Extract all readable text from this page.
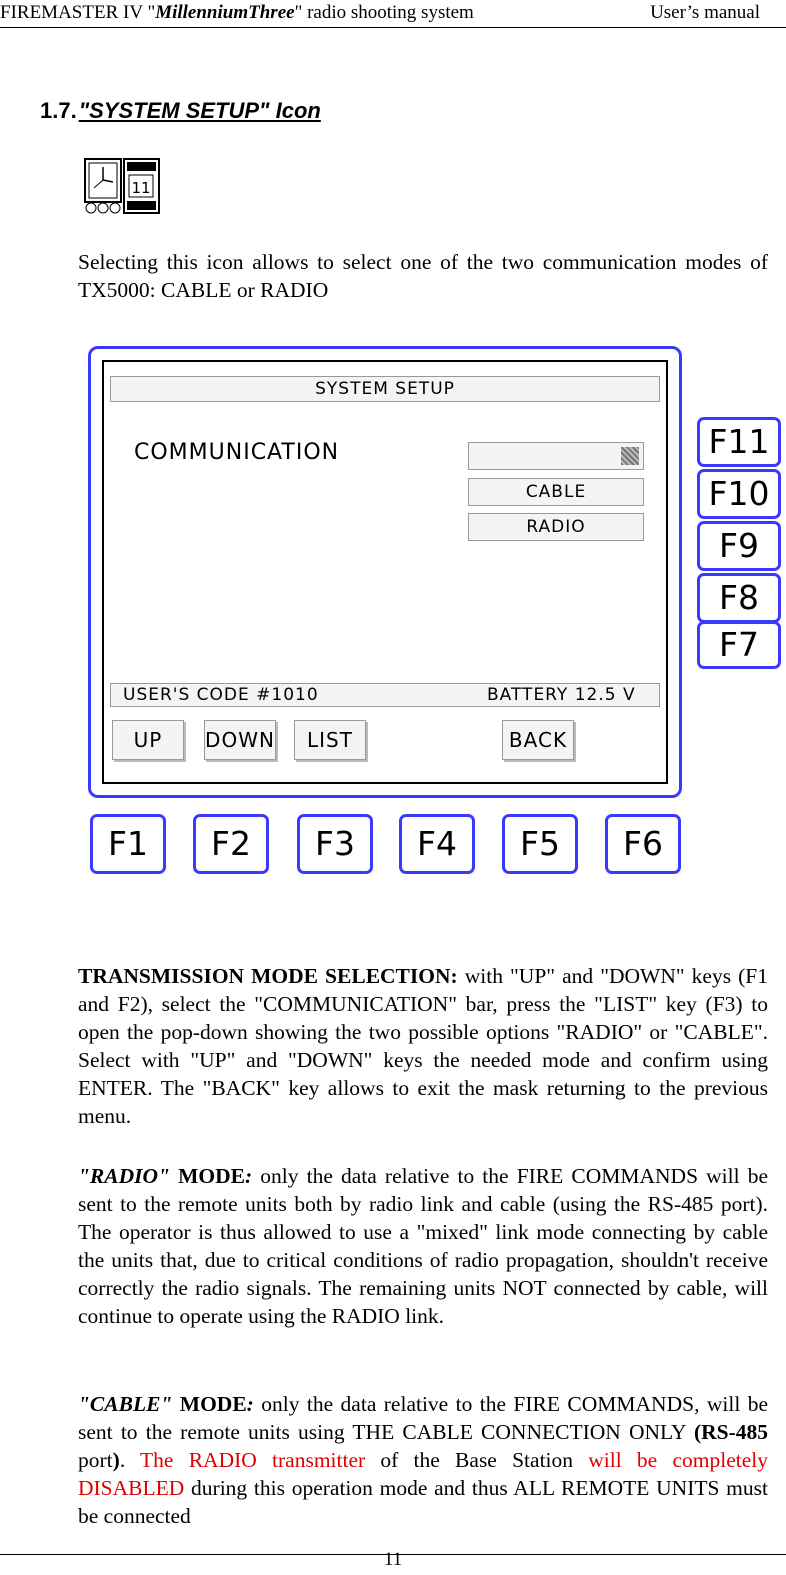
FIREMASTER IV "MillenniumThree" radio shooting system	User’s manual
1.7."SYSTEM SETUP" Icon
11
Selecting this icon allows to select one of the two communication modes of TX5000: CABLE or RADIO
SYSTEM SETUP
COMMUNICATION
CABLE
RADIO
USER'S CODE #1010	BATTERY 12.5 V
UP	DOWN	LIST	BACK
F11
F10
F9
F8
F7
F1	F2	F3	F4	F5	F6
TRANSMISSION MODE SELECTION: with "UP" and "DOWN" keys (F1 and F2), select the "COMMUNICATION" bar, press the "LIST" key (F3) to open the pop-down showing the two possible options "RADIO" or "CABLE". Select with "UP" and "DOWN" keys the needed mode and confirm using ENTER. The "BACK" key allows to exit the mask returning to the previous menu.
"RADIO" MODE: only the data relative to the FIRE COMMANDS will be sent to the remote units both by radio link and cable (using the RS-485 port). The operator is thus allowed to use a "mixed" link mode connecting by cable the units that, due to critical conditions of radio propagation, shouldn't receive correctly the radio signals. The remaining units NOT connected by cable, will continue to operate using the RADIO link.
"CABLE" MODE: only the data relative to the FIRE COMMANDS, will be sent to the remote units using THE CABLE CONNECTION ONLY (RS-485 port). The RADIO transmitter of the Base Station will be completely DISABLED during this operation mode and thus ALL REMOTE UNITS must be connected
11
